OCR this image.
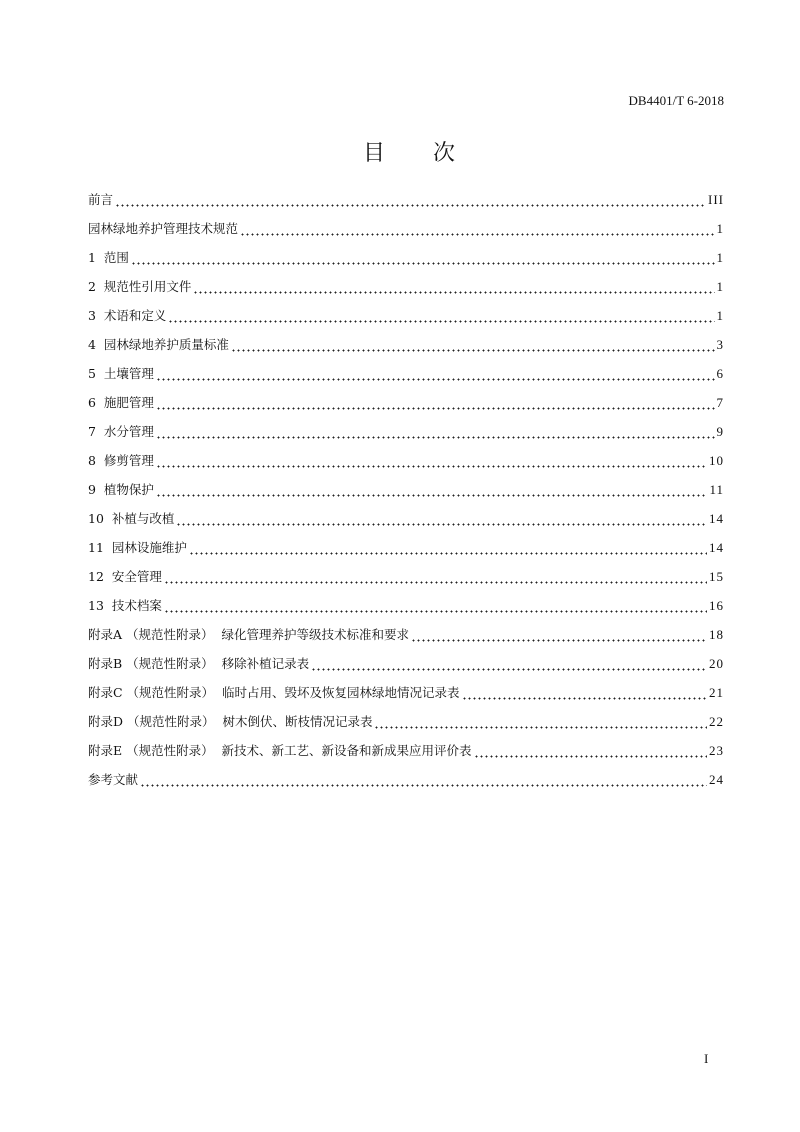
DB4401/T 6-2018
目 次
前言	III
园林绿地养护管理技术规范	1
1  范围	1
2  规范性引用文件	1
3  术语和定义	1
4  园林绿地养护质量标准	3
5  土壤管理	6
6  施肥管理	7
7  水分管理	9
8  修剪管理	10
9  植物保护	11
10  补植与改植	14
11  园林设施维护	14
12  安全管理	15
13  技术档案	16
附录A （规范性附录）  绿化管理养护等级技术标准和要求	18
附录B （规范性附录）  移除补植记录表	20
附录C （规范性附录）  临时占用、毁坏及恢复园林绿地情况记录表	21
附录D （规范性附录）  树木倒伏、断枝情况记录表	22
附录E （规范性附录）  新技术、新工艺、新设备和新成果应用评价表	23
参考文献	24
I
